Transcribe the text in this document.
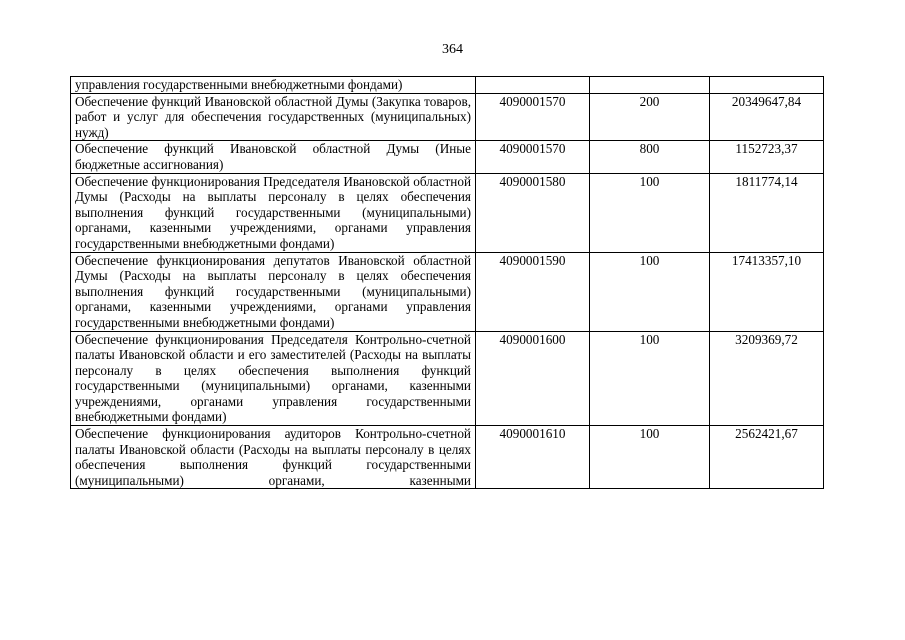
364
управления государственными внебюджетными фондами)			
Обеспечение функций Ивановской областной Думы (Закупка товаров, работ и услуг для обеспечения государственных (муниципальных) нужд)	4090001570	200	20349647,84
Обеспечение функций Ивановской областной Думы (Иные бюджетные ассигнования)	4090001570	800	1152723,37
Обеспечение функционирования Председателя Ивановской областной Думы (Расходы на выплаты персоналу в целях обеспечения выполнения функций государственными (муниципальными) органами, казенными учреждениями, органами управления государственными внебюджетными фондами)	4090001580	100	1811774,14
Обеспечение функционирования депутатов Ивановской областной Думы (Расходы на выплаты персоналу в целях обеспечения выполнения функций государственными (муниципальными) органами, казенными учреждениями, органами управления государственными внебюджетными фондами)	4090001590	100	17413357,10
Обеспечение функционирования Председателя Контрольно-счетной палаты Ивановской области и его заместителей (Расходы на выплаты персоналу в целях обеспечения выполнения функций государственными (муниципальными) органами, казенными учреждениями, органами управления государственными внебюджетными фондами)	4090001600	100	3209369,72
Обеспечение функционирования аудиторов Контрольно-счетной палаты Ивановской области (Расходы на выплаты персоналу в целях обеспечения выполнения функций государственными (муниципальными) органами, казенными	4090001610	100	2562421,67
